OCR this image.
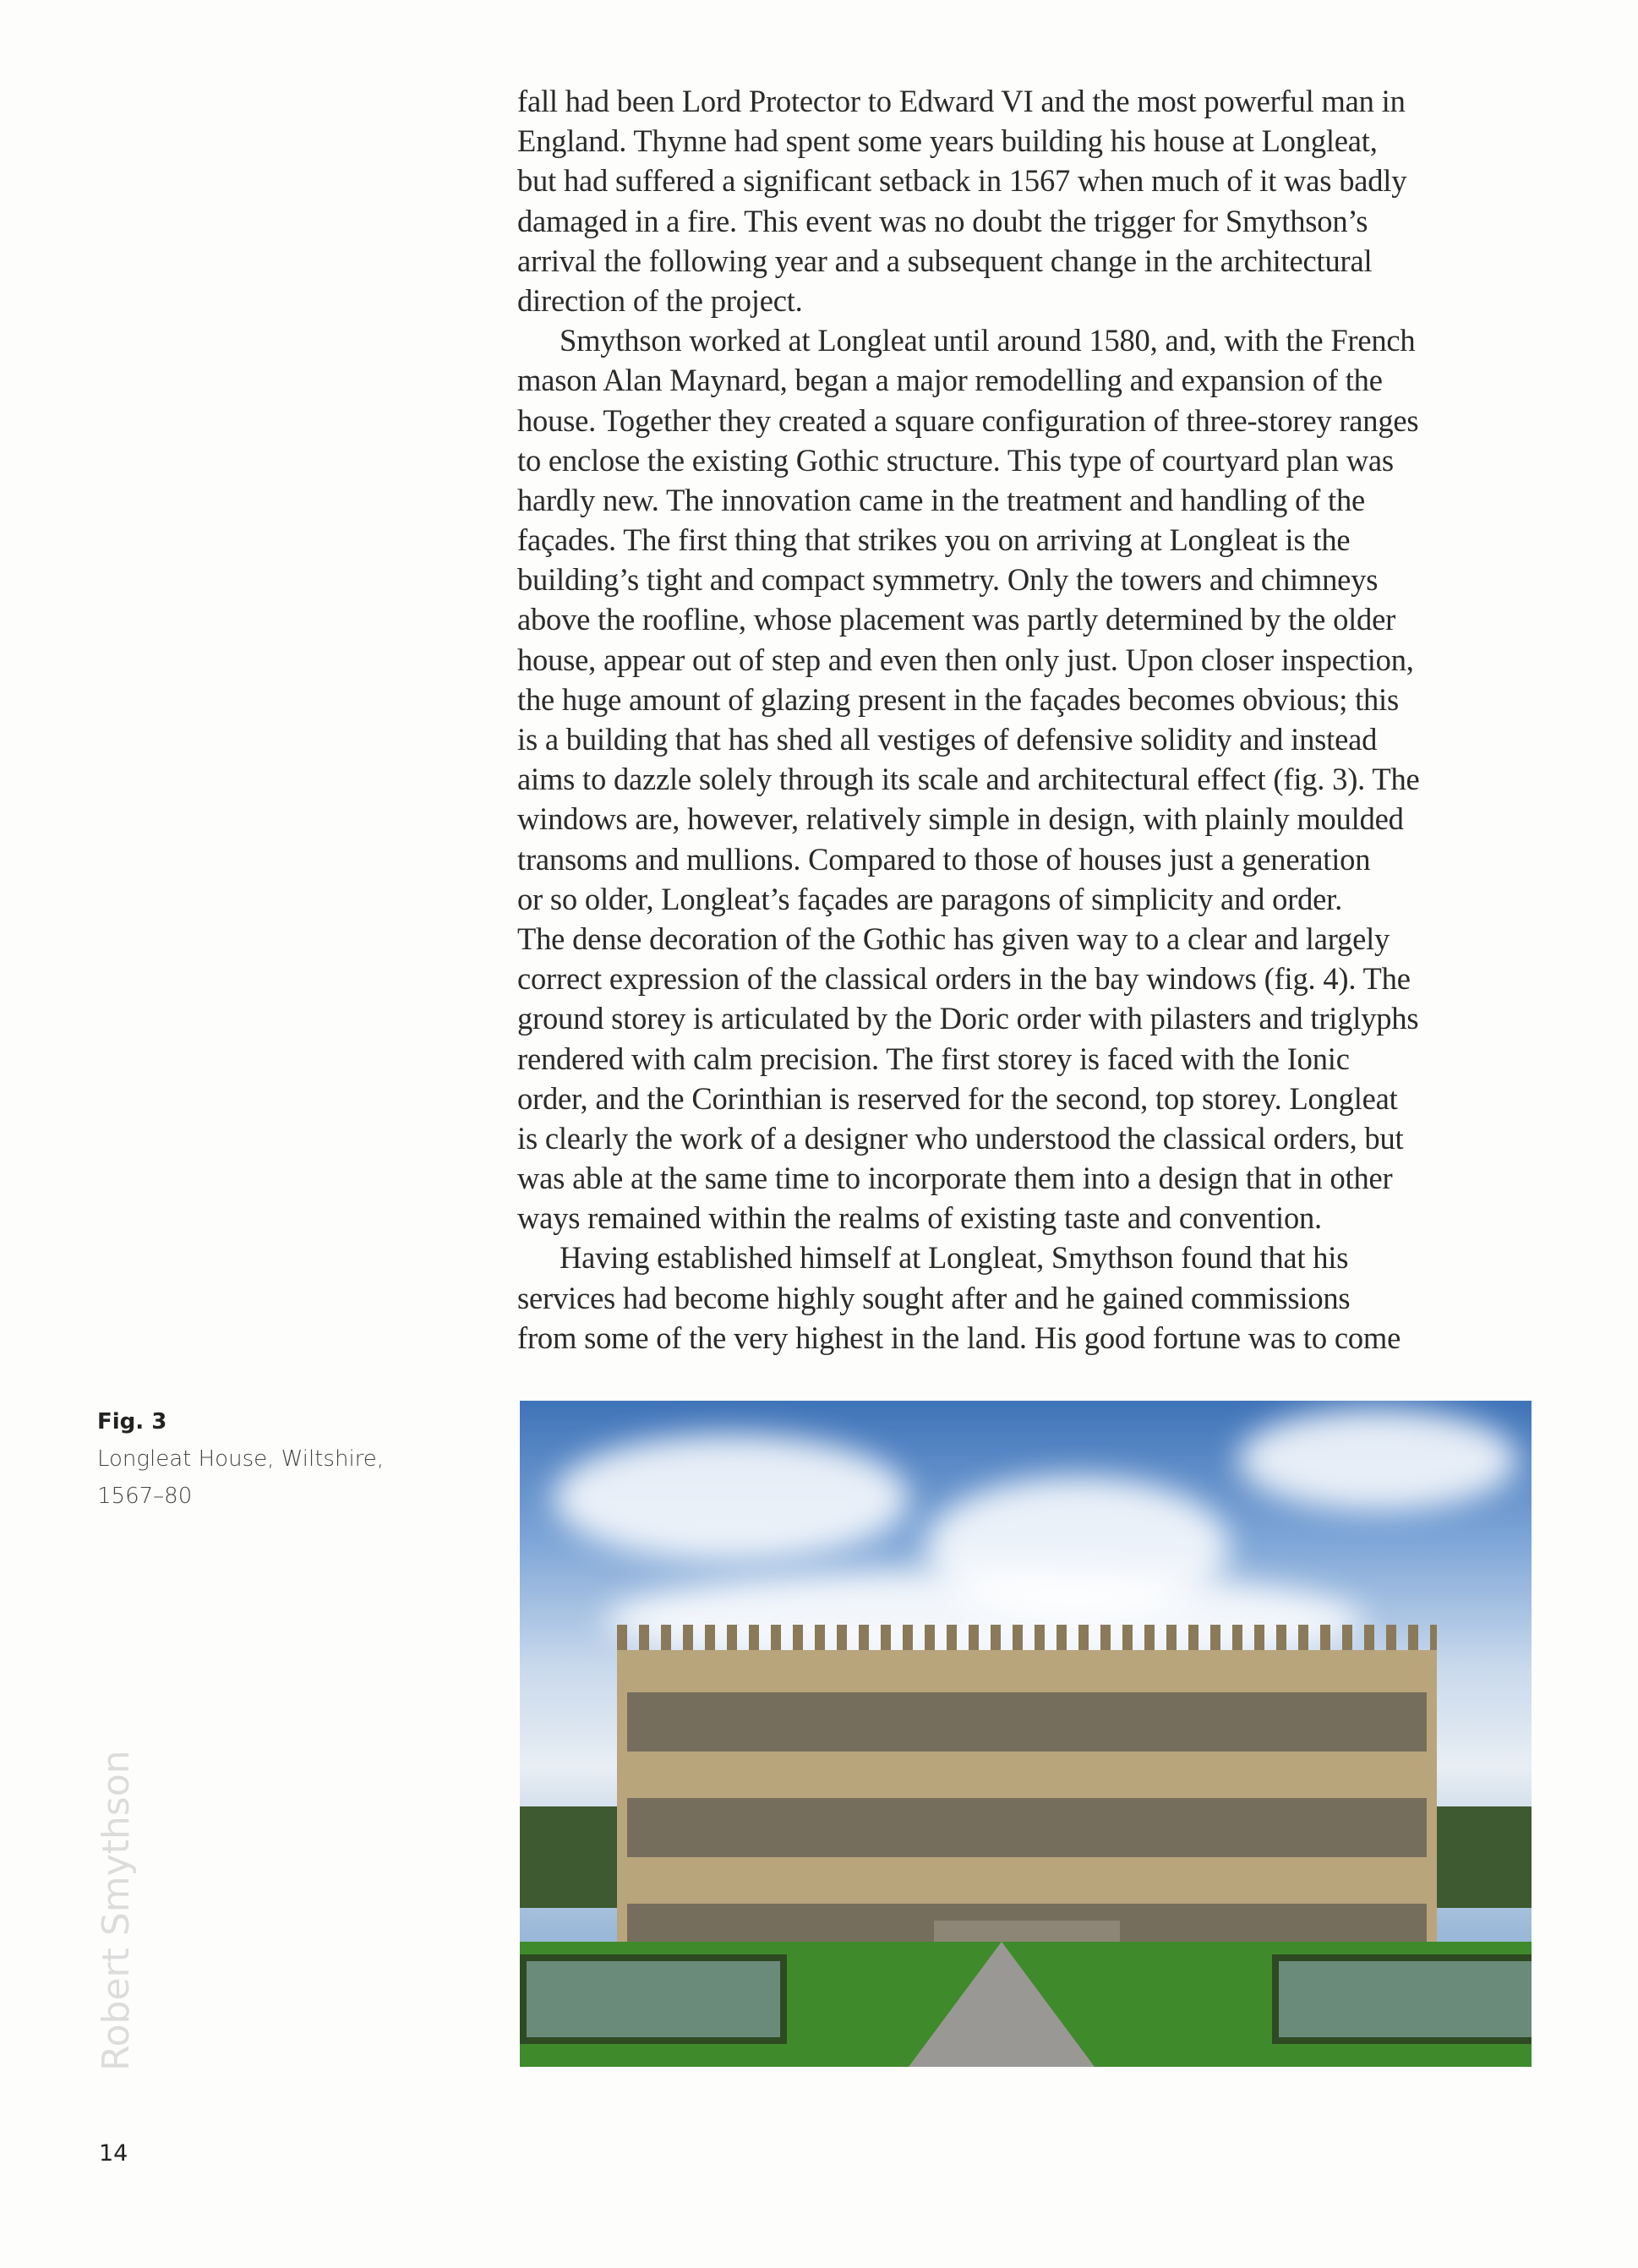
fall had been Lord Protector to Edward VI and the most powerful man in
England. Thynne had spent some years building his house at Longleat,
but had suffered a significant setback in 1567 when much of it was badly
damaged in a fire. This event was no doubt the trigger for Smythson’s
arrival the following year and a subsequent change in the architectural
direction of the project.
Smythson worked at Longleat until around 1580, and, with the French
mason Alan Maynard, began a major remodelling and expansion of the
house. Together they created a square configuration of three-storey ranges
to enclose the existing Gothic structure. This type of courtyard plan was
hardly new. The innovation came in the treatment and handling of the
façades. The first thing that strikes you on arriving at Longleat is the
building’s tight and compact symmetry. Only the towers and chimneys
above the roofline, whose placement was partly determined by the older
house, appear out of step and even then only just. Upon closer inspection,
the huge amount of glazing present in the façades becomes obvious; this
is a building that has shed all vestiges of defensive solidity and instead
aims to dazzle solely through its scale and architectural effect (fig. 3). The
windows are, however, relatively simple in design, with plainly moulded
transoms and mullions. Compared to those of houses just a generation
or so older, Longleat’s façades are paragons of simplicity and order.
The dense decoration of the Gothic has given way to a clear and largely
correct expression of the classical orders in the bay windows (fig. 4). The
ground storey is articulated by the Doric order with pilasters and triglyphs
rendered with calm precision. The first storey is faced with the Ionic
order, and the Corinthian is reserved for the second, top storey. Longleat
is clearly the work of a designer who understood the classical orders, but
was able at the same time to incorporate them into a design that in other
ways remained within the realms of existing taste and convention.
Having established himself at Longleat, Smythson found that his
services had become highly sought after and he gained commissions
from some of the very highest in the land. His good fortune was to come
Fig. 3
Longleat House, Wiltshire,
1567–80
Robert Smythson
14
